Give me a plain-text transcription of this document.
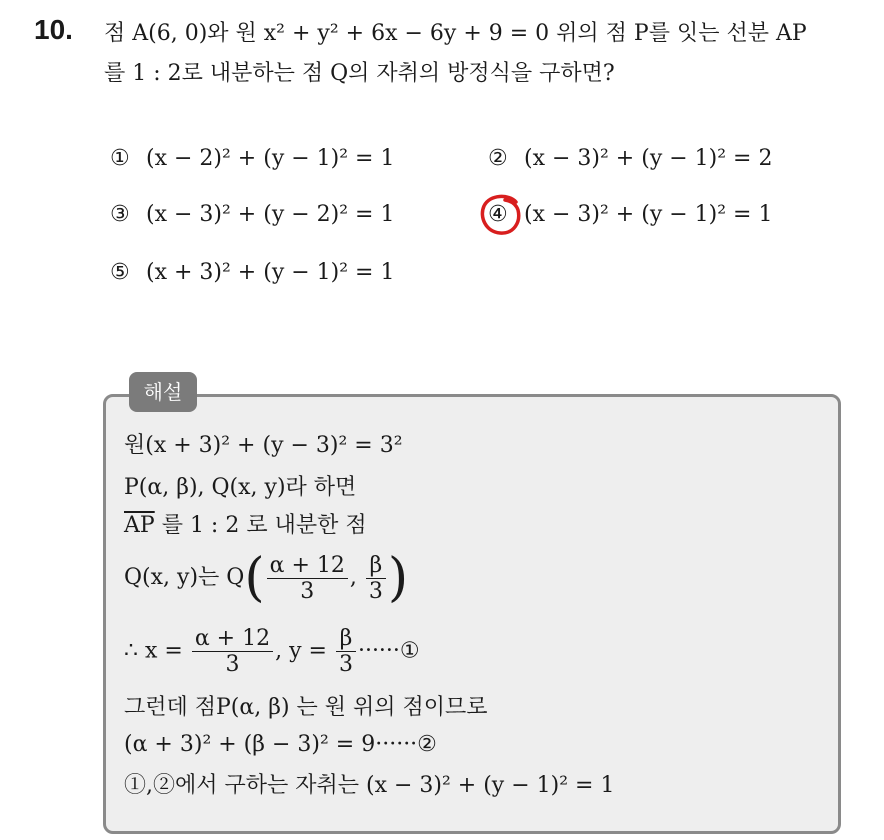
10. 점 A(6, 0)와 원 x² + y² + 6x − 6y + 9 = 0 위의 점 P를 잇는 선분 AP
를 1 : 2로 내분하는 점 Q의 자취의 방정식을 구하면?
① (x − 2)² + (y − 1)² = 1	② (x − 3)² + (y − 1)² = 2
③ (x − 3)² + (y − 2)² = 1	④ (x − 3)² + (y − 1)² = 1
⑤ (x + 3)² + (y − 1)² = 1
해설
원(x + 3)² + (y − 3)² = 3²
P(α, β), Q(x, y)라 하면
$\overline{AP}$ 를 1 : 2 로 내분한 점
Q(x, y)는 $Q( \frac{\alpha + 12}{3}$ , $\frac{\beta}{3}$ )
∴ $x = \frac{\alpha + 12}{3}$ , $y = \frac{\beta}{3}$ ······①
그런데 점P(α, β) 는 원 위의 점이므로
(α + 3)² + (β − 3)² = 9······②
①,②에서 구하는 자취는 (x − 3)² + (y − 1)² = 1
